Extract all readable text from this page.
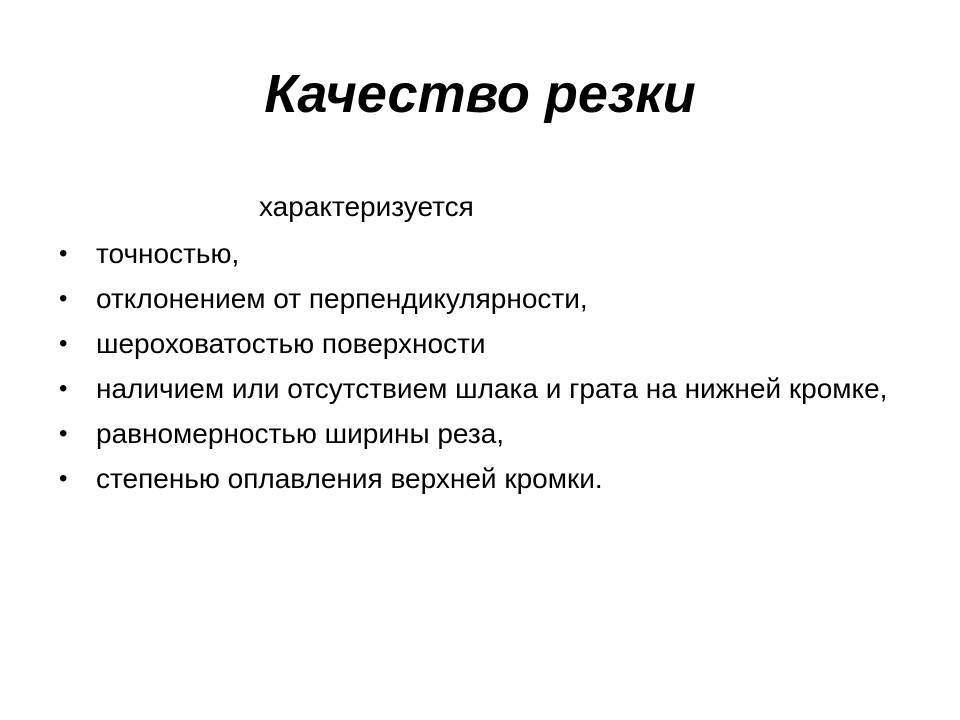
Качество резки

характеризуется

• точностью,
• отклонением от перпендикулярности,
• шероховатостью поверхности
• наличием или отсутствием шлака и грата на нижней кромке,
• равномерностью ширины реза,
• степенью оплавления верхней кромки.
